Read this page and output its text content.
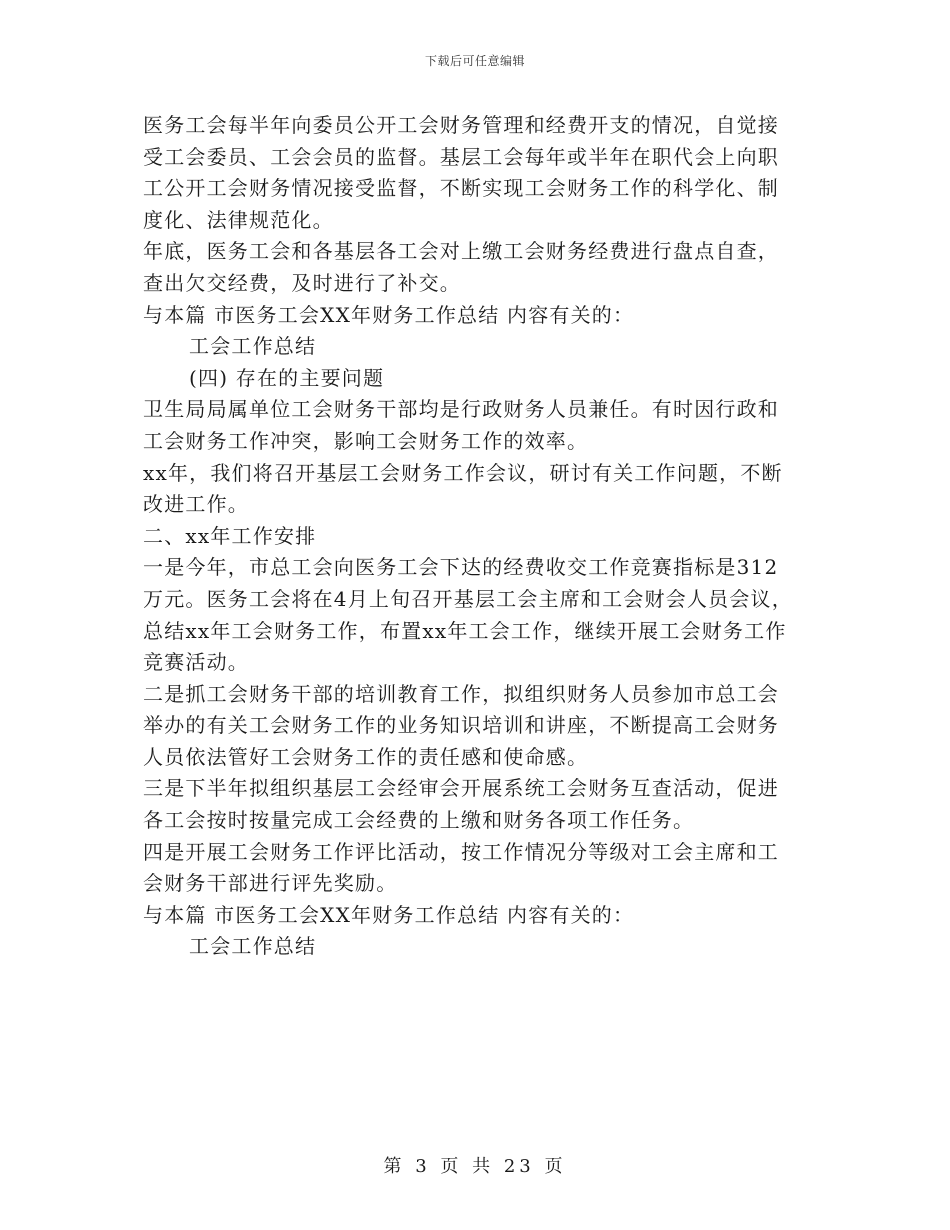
下载后可任意编辑
医务工会每半年向委员公开工会财务管理和经费开支的情况，自觉接
受工会委员、工会会员的监督。基层工会每年或半年在职代会上向职
工公开工会财务情况接受监督，不断实现工会财务工作的科学化、制
度化、法律规范化。
年底，医务工会和各基层各工会对上缴工会财务经费进行盘点自查，
查出欠交经费，及时进行了补交。
与本篇 市医务工会XX年财务工作总结 内容有关的：
工会工作总结
(四) 存在的主要问题
卫生局局属单位工会财务干部均是行政财务人员兼任。有时因行政和
工会财务工作冲突，影响工会财务工作的效率。
xx年，我们将召开基层工会财务工作会议，研讨有关工作问题，不断
改进工作。
二、xx年工作安排
一是今年，市总工会向医务工会下达的经费收交工作竞赛指标是312
万元。医务工会将在4月上旬召开基层工会主席和工会财会人员会议，
总结xx年工会财务工作，布置xx年工会工作，继续开展工会财务工作
竞赛活动。
二是抓工会财务干部的培训教育工作，拟组织财务人员参加市总工会
举办的有关工会财务工作的业务知识培训和讲座，不断提高工会财务
人员依法管好工会财务工作的责任感和使命感。
三是下半年拟组织基层工会经审会开展系统工会财务互查活动，促进
各工会按时按量完成工会经费的上缴和财务各项工作任务。
四是开展工会财务工作评比活动，按工作情况分等级对工会主席和工
会财务干部进行评先奖励。
与本篇 市医务工会XX年财务工作总结 内容有关的：
工会工作总结
第 3 页 共 23 页
